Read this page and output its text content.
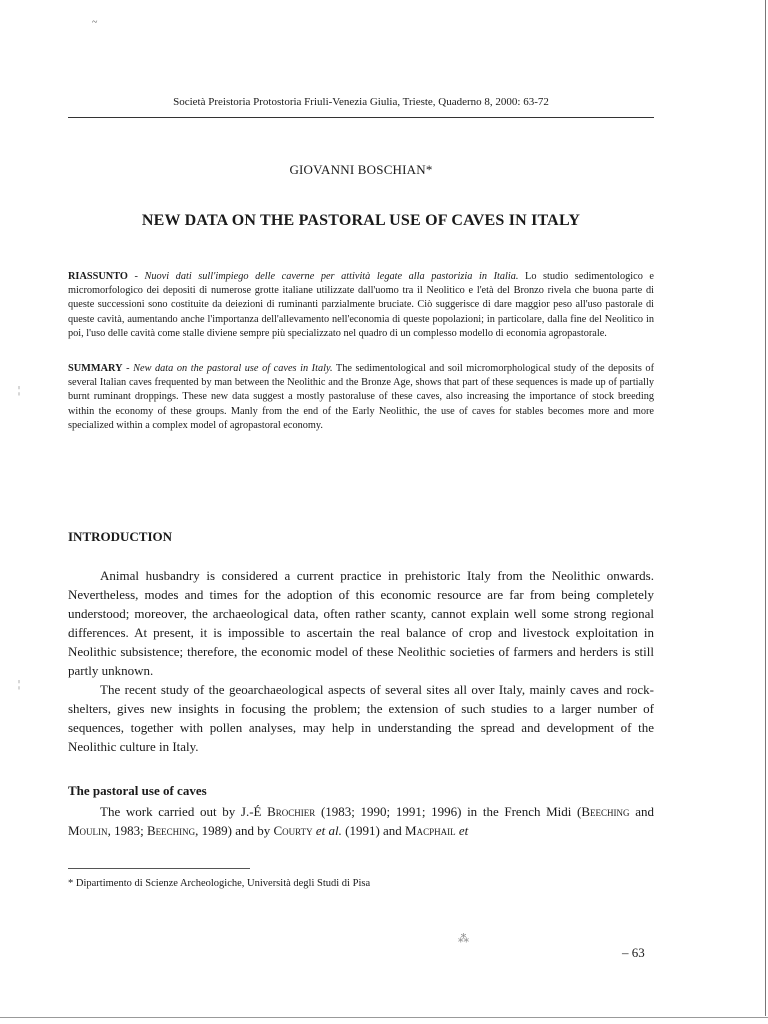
~
¦
¦
Società Preistoria Protostoria Friuli-Venezia Giulia, Trieste, Quaderno 8, 2000: 63-72
GIOVANNI BOSCHIAN*
NEW DATA ON THE PASTORAL USE OF CAVES IN ITALY
RIASSUNTO - Nuovi dati sull'impiego delle caverne per attività legate alla pastorizia in Italia. Lo studio sedimentologico e micromorfologico dei depositi di numerose grotte italiane utilizzate dall'uomo tra il Neolitico e l'età del Bronzo rivela che buona parte di queste successioni sono costituite da deiezioni di ruminanti parzialmente bruciate. Ciò suggerisce di dare maggior peso all'uso pastorale di queste cavità, aumentando anche l'importanza dell'allevamento nell'economia di queste popolazioni; in particolare, dalla fine del Neolitico in poi, l'uso delle cavità come stalle diviene sempre più specializzato nel quadro di un complesso modello di economia agropastorale.
SUMMARY - New data on the pastoral use of caves in Italy. The sedimentological and soil micromorphological study of the deposits of several Italian caves frequented by man between the Neolithic and the Bronze Age, shows that part of these sequences is made up of partially burnt ruminant droppings. These new data suggest a mostly pastoraluse of these caves, also increasing the importance of stock breeding within the economy of these groups. Manly from the end of the Early Neolithic, the use of caves for stables becomes more and more specialized within a complex model of agropastoral economy.
INTRODUCTION

Animal husbandry is considered a current practice in prehistoric Italy from the Neolithic onwards. Nevertheless, modes and times for the adoption of this economic resource are far from being completely understood; moreover, the archaeological data, often rather scanty, cannot explain well some strong regional differences. At present, it is impossible to ascertain the real balance of crop and livestock exploitation in Neolithic subsistence; therefore, the economic model of these Neolithic societies of farmers and herders is still partly unknown.

The recent study of the geoarchaeological aspects of several sites all over Italy, mainly caves and rock-shelters, gives new insights in focusing the problem; the extension of such studies to a larger number of sequences, together with pollen analyses, may help in understanding the spread and development of the Neolithic culture in Italy.

The pastoral use of caves

The work carried out by J.-É Brochier (1983; 1990; 1991; 1996) in the French Midi (Beeching and Moulin, 1983; Beeching, 1989) and by Courty et al. (1991) and Macphail et

* Dipartimento di Scienze Archeologiche, Università degli Studi di Pisa
⁂
– 63
